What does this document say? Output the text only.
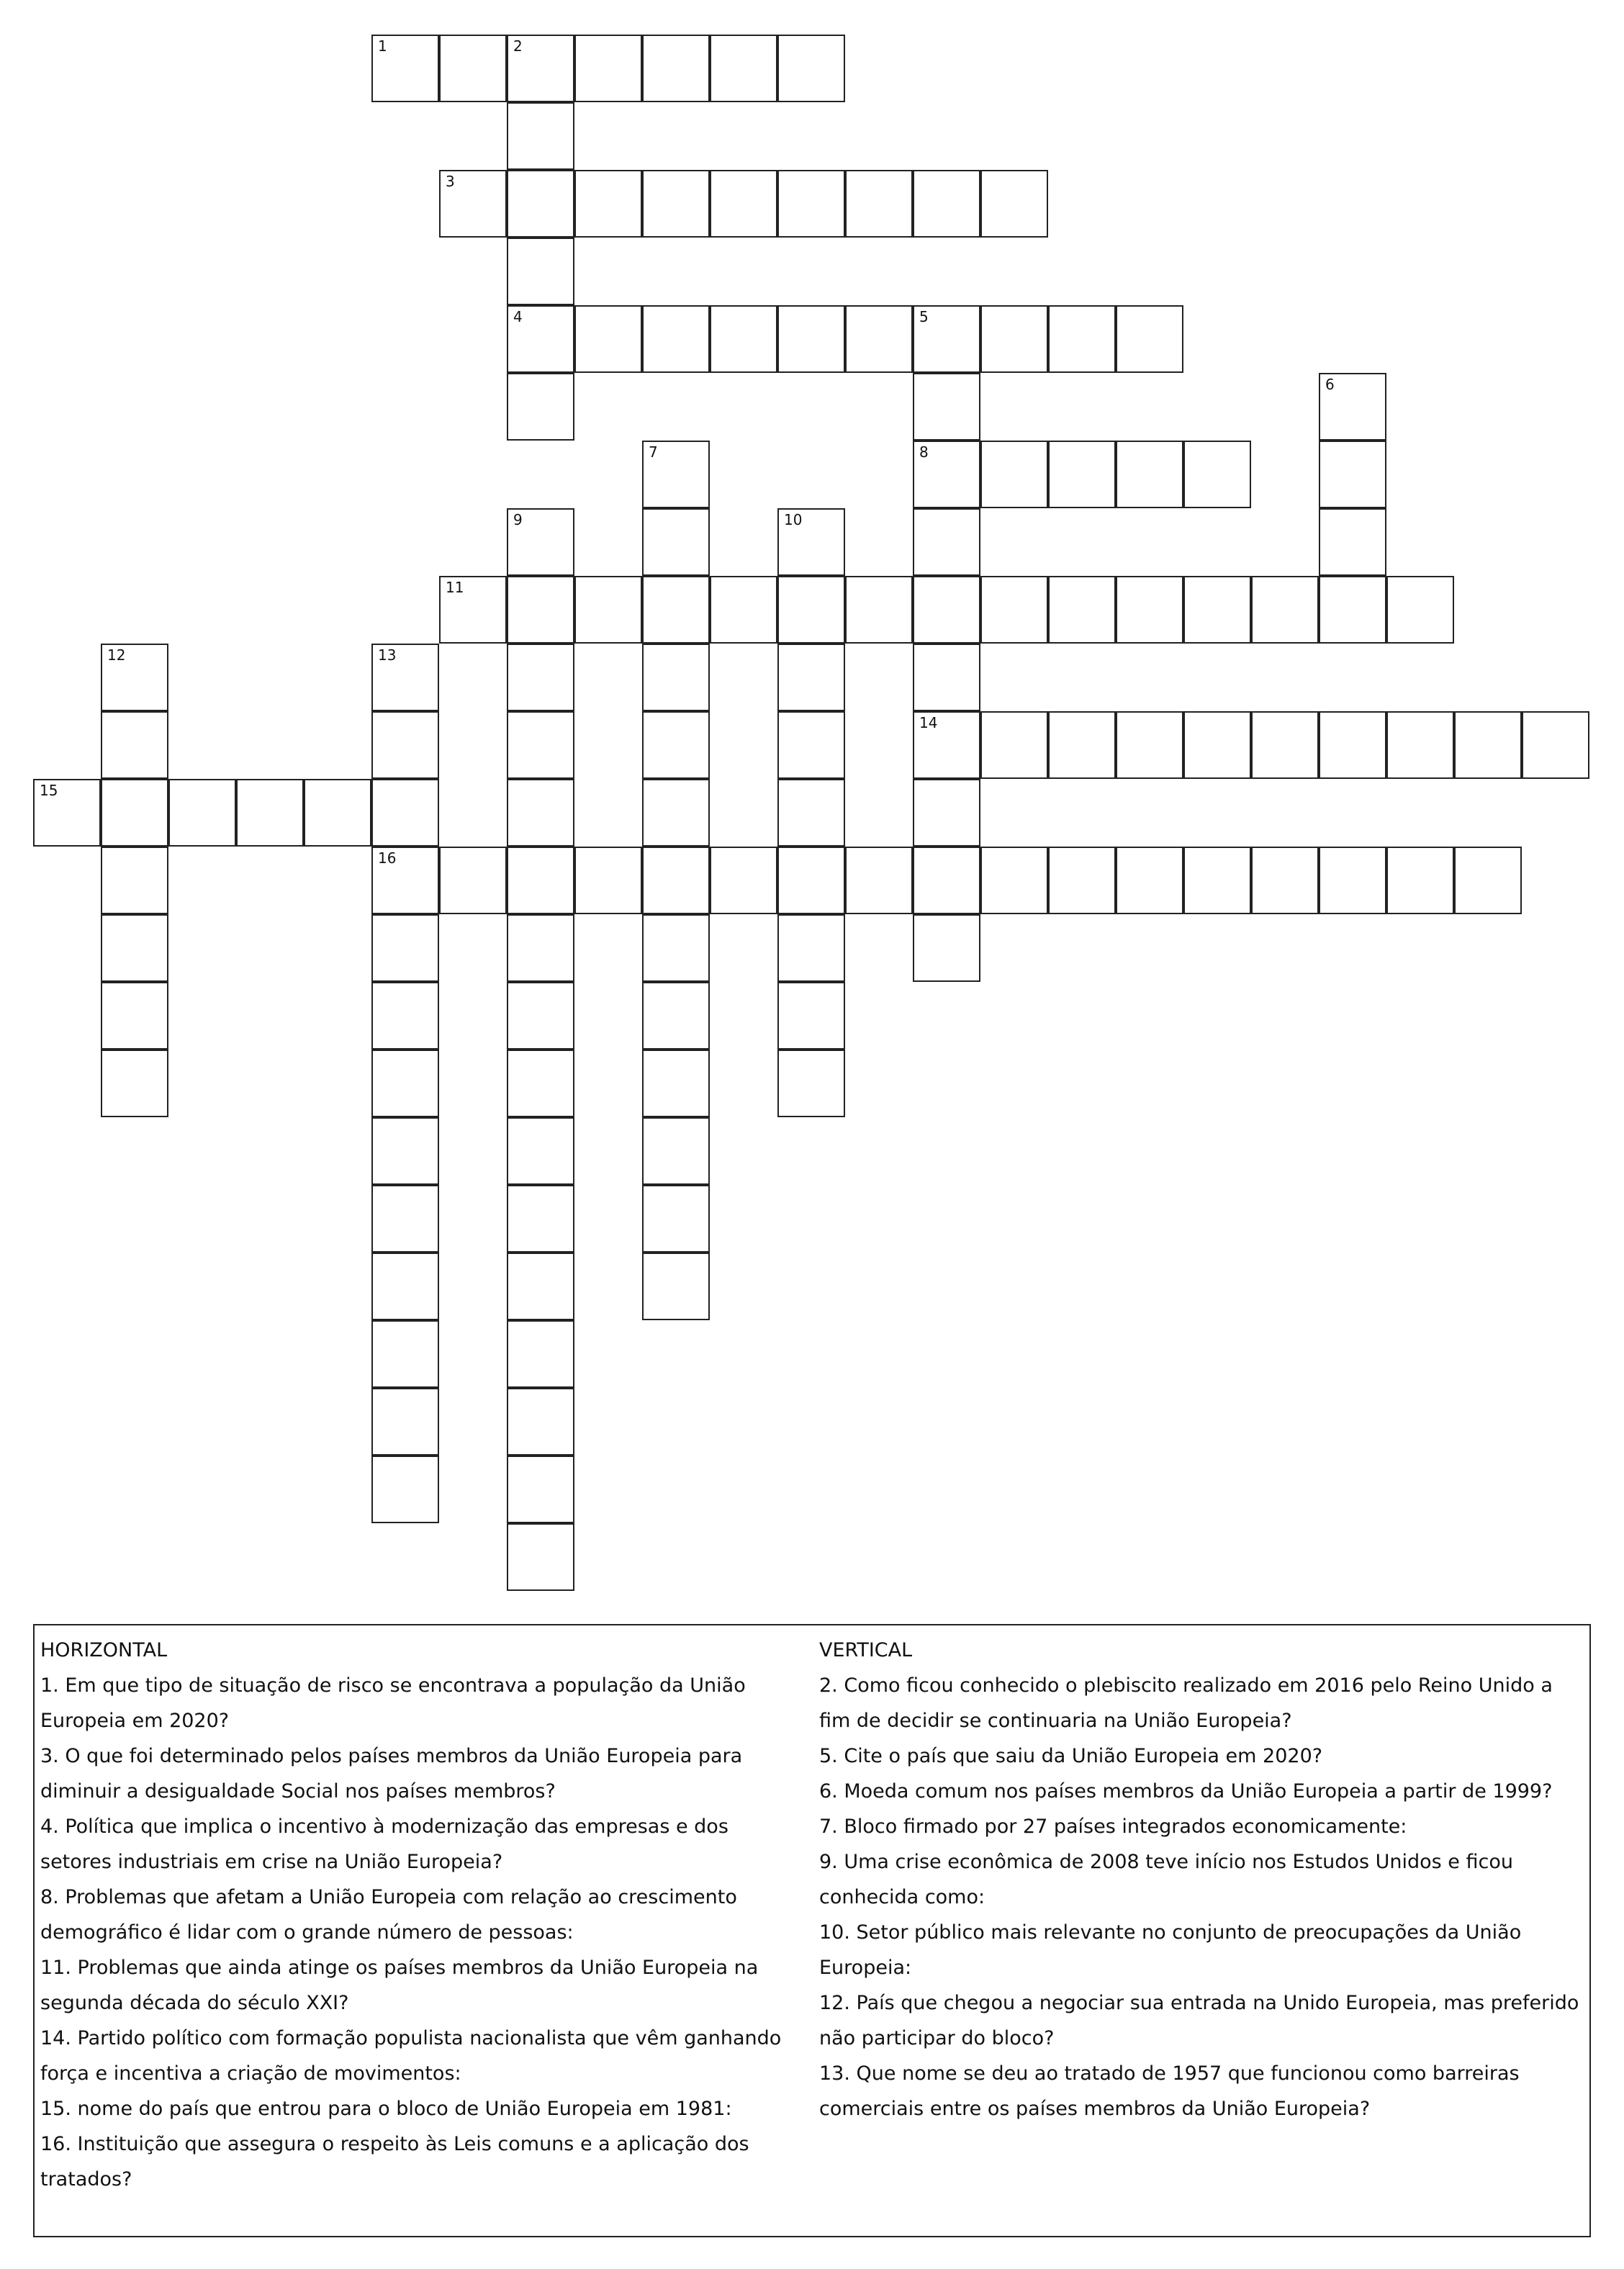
1	2
4
3
5
8
14
6
7
9	10
11
12	13
16
15
HORIZONTAL
1. Em que tipo de situação de risco se encontrava a população da União Europeia em 2020?
3. O que foi determinado pelos países membros da União Europeia para diminuir a desigualdade Social nos países membros?
4. Política que implica o incentivo à modernização das empresas e dos setores industriais em crise na União Europeia?
8. Problemas que afetam a União Europeia com relação ao crescimento demográfico é lidar com o grande número de pessoas:
11. Problemas que ainda atinge os países membros da União Europeia na segunda década do século XXI?
14. Partido político com formação populista nacionalista que vêm ganhando força e incentiva a criação de movimentos:
15. nome do país que entrou para o bloco de União Europeia em 1981:
16. Instituição que assegura o respeito às Leis comuns e a aplicação dos tratados?
VERTICAL
2. Como ficou conhecido o plebiscito realizado em 2016 pelo Reino Unido a fim de decidir se continuaria na União Europeia?
5. Cite o país que saiu da União Europeia em 2020?
6. Moeda comum nos países membros da União Europeia a partir de 1999?
7. Bloco firmado por 27 países integrados economicamente:
9. Uma crise econômica de 2008 teve início nos Estudos Unidos e ficou conhecida como:
10. Setor público mais relevante no conjunto de preocupações da União Europeia:
12. País que chegou a negociar sua entrada na Unido Europeia, mas preferido não participar do bloco?
13. Que nome se deu ao tratado de 1957 que funcionou como barreiras comerciais entre os países membros da União Europeia?
